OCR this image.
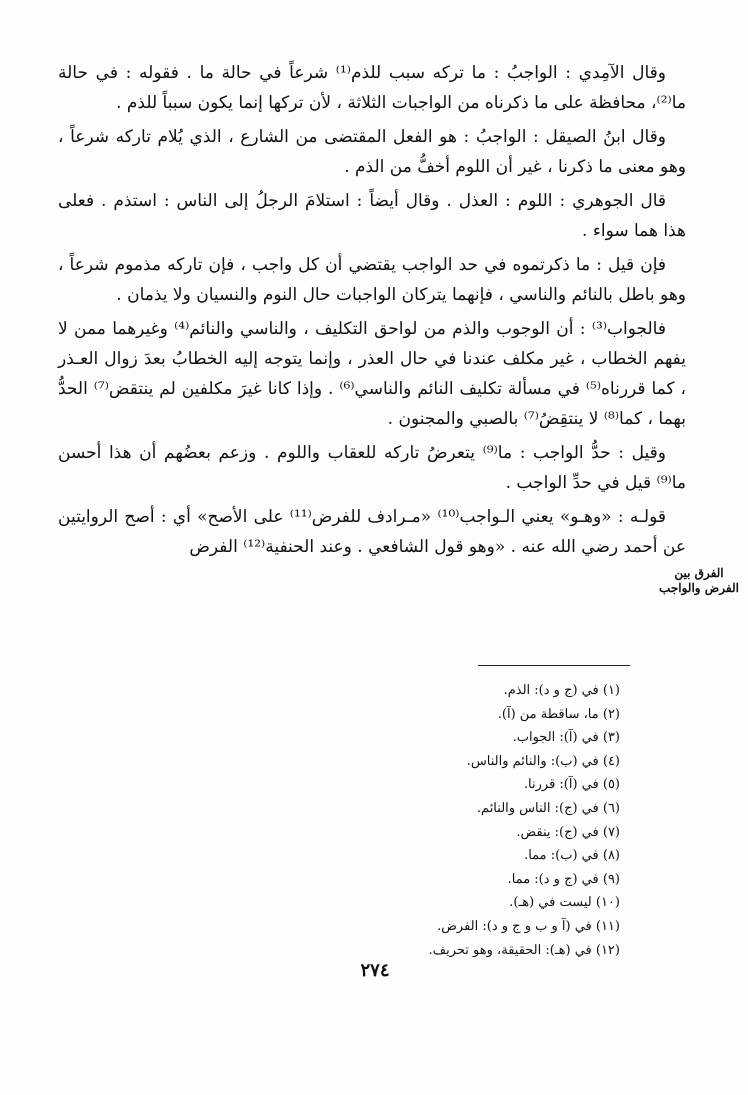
وقال الآمِدي : الواجبُ : ما تركه سبب للذم⁽¹⁾ شرعاً في حالة ما . فقوله : في حالة ما⁽²⁾، محافظة على ما ذكرناه من الواجبات الثلاثة ، لأن تركها إنما يكون سبباً للذم .

وقال ابنُ الصيقل : الواجبُ : هو الفعل المقتضى من الشارع ، الذي يُلام تاركه شرعاً ، وهو معنى ما ذكرنا ، غير أن اللوم أخفُّ من الذم .

قال الجوهري : اللوم : العذل . وقال أيضاً : استلامَ الرجلُ إلى الناس : استذم . فعلى هذا هما سواء .

فإن قيل : ما ذكرتموه في حد الواجب يقتضي أن كل واجب ، فإن تاركه مذموم شرعاً ، وهو باطل بالنائم والناسي ، فإنهما يتركان الواجبات حال النوم والنسيان ولا يذمان .

فالجواب⁽³⁾ : أن الوجوب والذم من لواحق التكليف ، والناسي والنائم⁽⁴⁾ وغيرهما ممن لا يفهم الخطاب ، غير مكلف عندنا في حال العذر ، وإنما يتوجه إليه الخطابُ بعدَ زوال العـذر ، كما قررناه⁽⁵⁾ في مسألة تكليف النائم والناسي⁽⁶⁾ . وإذا كانا غيرَ مكلفين لم ينتقض⁽⁷⁾ الحدُّ بهما ، كما⁽⁸⁾ لا ينتقِضُ⁽⁷⁾ بالصبي والمجنون .

وقيل : حدُّ الواجب : ما⁽⁹⁾ يتعرضُ تاركه للعقاب واللوم . وزعم بعضُهم أن هذا أحسن ما⁽⁹⁾ قيل في حدِّ الواجب .

قولـه : «وهـو» يعني الـواجب⁽¹⁰⁾ «مـرادف للفرض⁽¹¹⁾ على الأصح» أي : أصح الروايتين عن أحمد رضي الله عنه . «وهو قول الشافعي . وعند الحنفية⁽¹²⁾ الفرض

الفرق بين الفرض والواجب
(١) في (ج و د): الذم.
(٢) ما، ساقطة من (آ).
(٣) في (آ): الجواب.
(٤) في (ب): والنائم والناس.
(٥) في (آ): قررنا.
(٦) في (ج): الناس والنائم.
(٧) في (ج): ينقض.
(٨) في (ب): مما.
(٩) في (ج و د): مما.
(١٠) ليست في (هـ).
(١١) في (آ و ب و ج و د): الفرض.
(١٢) في (هـ): الحقيقة، وهو تحريف.
٢٧٤
